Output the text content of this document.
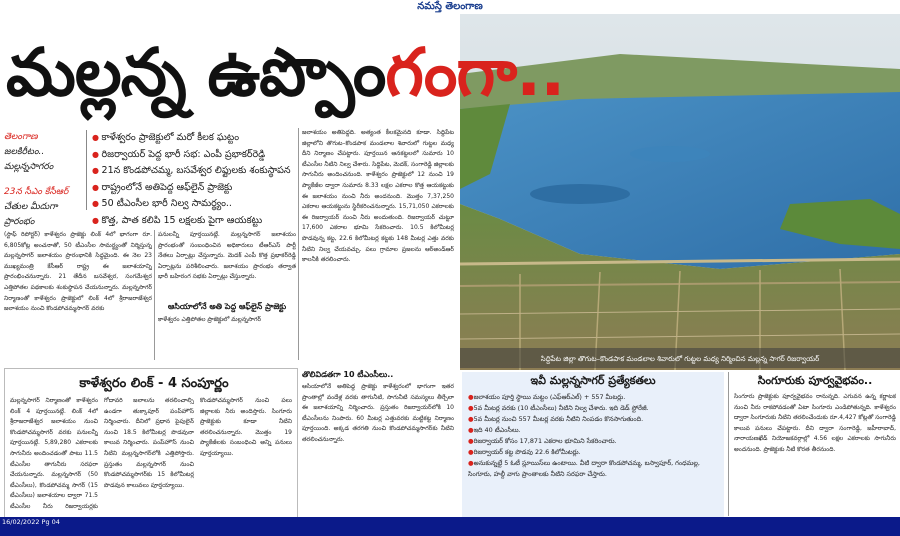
నమస్తే తెలంగాణ
సిద్దిపేట జిల్లా తొగుట–కొండపాక మండలాల శివారులో గుట్టల మధ్య నిర్మించిన మల్లన్న సాగర్ రిజర్వాయర్
మల్లన్న ఉప్పొంగంగా..
తెలంగాణ
జలకిరీటం.. మల్లన్నసాగరం
23న సీఎం కేసీఆర్
చేతుల మీదుగా ప్రారంభం
● కాళేశ్వరం ప్రాజెక్టులో మరో కీలక ఘట్టం
● రిజర్వాయర్ పెద్ద భారీ సభ: ఎంపీ ప్రభాకర్‌రెడ్డి
● 21న కొండపోచమ్మ, బసవేశ్వర లిఫ్టులకు శంకుస్థాపన
● రాష్ట్రంలోనే అతిపెద్ద ఆఫ్‌లైన్ ప్రాజెక్టు
● 50 టీఎంసీల భారీ నిల్వ సామర్థ్యం..
● కొత్త, పాత కలిపి 15 లక్షలకు పైగా ఆయకట్టు
(స్టాఫ్ రిపోర్టర్) కాళేశ్వరం ప్రాజెక్టు లింక్ 4లో భాగంగా రూ. 6,805కోట్ల అంచనాతో, 50 టీఎంసీల సామర్థ్యంతో నిర్మిస్తున్న మల్లన్నసాగర్ జలాశయం ప్రారంభానికి సిద్ధమైంది. ఈ నెల 23 ముఖ్యమంత్రి కేసీఆర్ రాష్ట్ర ఈ జలాశయాన్ని ప్రారంభించనున్నారు. 21 తేదీన బసవేశ్వర, సంగమేశ్వర ఎత్తిపోతల పథకాలకు శంకుస్థాపన చేయనున్నారు. మల్లన్నసాగర్ నిర్మాణంతో కాళేశ్వరం ప్రాజెక్టులో లింక్ 4లో శ్రీరాజరాజేశ్వర జలాశయం నుంచి కొండపోచమ్మసాగర్ వరకు
పనులన్నీ పూర్తయినట్లే. మల్లన్నసాగర్ జలాశయం ప్రారంభంతో సంబంధించిన అధికారులు టీఆర్ఎస్ పార్టీ నేతలు ఏర్పాట్లు చేస్తున్నారు. మెదక్ ఎంపీ కొత్త ప్రభాకర్‌రెడ్డి ఏర్పాట్లను పరిశీలించారు. జలాశయం ప్రారంభం తర్వాత భారీ బహిరంగ సభకు ఏర్పాట్లు చేస్తున్నారు.
ఆసియాలోనే అతి పెద్ద ఆఫ్‌లైన్ ప్రాజెక్టు
కాళేశ్వరం ఎత్తిపోతల ప్రాజెక్టులో మల్లన్నసాగర్
జలాశయం అతిపెద్దది. అత్యంత కీలకమైనది కూడా. సిద్దిపేట జిల్లాలోని తొగుట–కొండపాక మండలాల శివారులో గుట్టల మధ్య దీని నిర్మాణం చేపట్టారు. పూర్తయిన ఆనకట్టలలో సుమారు 10 టీఎంసీల నీటిని నిల్వ చేశారు. సిద్దిపేట, మెదక్, సంగారెడ్డి జిల్లాలకు సాగునీరు అందించనుంది. కాళేశ్వరం ప్రాజెక్టులో 12 నుంచి 19 ప్యాకేజీల ద్వారా సుమారు 8.33 లక్షల ఎకరాల కొత్త ఆయకట్టుకు ఈ జలాశయం నుంచి నీరు అందనుంది. మొత్తం 7,37,250 ఎకరాల ఆయకట్టును స్థిరీకరించనున్నారు. 15,71,050 ఎకరాలకు ఈ రిజర్వాయర్ నుంచి నీరు అందుతుంది. రిజర్వాయర్ చుట్టూ 17,600 ఎకరాల భూమి సేకరించారు. 10.5 కిలోమీటర్ల పొడవున్న కట్ట, 22.6 కిలోమీటర్ల కట్టకు 148 మీటర్ల ఎత్తు వరకు నీటిని నిల్వ చేయవచ్చు. పలు గ్రామాల ప్రజలను ఆర్‌అండ్‌ఆర్ కాలనీకి తరలించారు.
తొలివిడతగా 10 టీఎంసీలు..
ఆసియాలోనే అతిపెద్ద ప్రాజెక్టు కాళేశ్వరంలో భాగంగా ఇతర ప్రాంతాల్లో వందేళ్ల వరకు తాగునీటి, సాగునీటి సమస్యలు తీర్చేలా ఈ జలాశయాన్ని నిర్మించారు. ప్రస్తుతం రిజర్వాయర్‌లోకి 10 టీఎంసీలను నింపారు. 60 మీటర్ల ఎత్తువరకు మట్టికట్ట నిర్మాణం పూర్తయింది. అక్కడ తరగతి నుంచి కొండపోచమ్మసాగర్‌కు నీటిని తరలించనున్నారు.
కాళేశ్వరం లింక్ - 4 సంపూర్ణం
మల్లన్నసాగర్ నిర్మాణంతో కాళేశ్వరం లింక్ 4 పూర్తయినట్లే. లింక్ 4లో శ్రీరాజరాజేశ్వర జలాశయం నుంచి కొండపోచమ్మసాగర్ వరకు పనులన్నీ పూర్తయినట్లే. 5,89,280 ఎకరాలకు సాగునీరు అందించడంతో పాటు 11.5 టీఎంసీల తాగునీరు సరఫరా చేయనున్నారు. మల్లన్నసాగర్ (50 టీఎంసీలు), కొండపోచమ్మ సాగర్ (15 టీఎంసీలు) జలాశయాల ద్వారా 71.5 టీఎంసీల నీరు రిజర్వాయర్లకు
గోదావరి జలాలను తరలించాల్సి ఉండగా తుక్కాపూర్ పంప్‌హౌస్ నిర్మించారు. దీనిలో ప్రధాన పైపులైన్‌ నుంచి 18.5 కిలోమీటర్ల పొడవునా కాలువ నిర్మించారు. పంప్‌హౌస్ నుంచి నీటిని మల్లన్నసాగర్‌లోకి ఎత్తిపోస్తారు. ప్రస్తుతం మల్లన్నసాగర్ నుంచి కొండపోచమ్మసాగర్‌కు 15 కిలోమీటర్ల పొడవున కాలువలు పూర్తయ్యాయి.
కొండపోచమ్మసాగర్ నుంచి పలు జిల్లాలకు నీరు అందిస్తారు. సింగూరు ప్రాజెక్టుకు కూడా నీటిని తరలించనున్నారు. మొత్తం 19 ప్యాకేజీలకు సంబంధించి అన్ని పనులు పూర్తయ్యాయి.
ఇవీ మల్లన్నసాగర్ ప్రత్యేకతలు
● జలాశయం పూర్తి స్థాయి మట్టం (ఎఫ్‌ఆర్‌ఎల్) + 557 మీటర్లు.
● 5వ మీటర్ల వరకు (10 టీఎంసీలు) నీటిని నిల్వ చేశారు. ఇది డెడ్ స్టోరేజీ.
● 5వ మీటర్ల నుంచి 557 మీటర్ల వరకు నీటిని నింపడం కొనసాగుతుంది.
● ఇది 40 టీఎంసీలు.
● రిజర్వాయర్ కోసం 17,871 ఎకరాల భూమిని సేకరించారు.
● రిజర్వాయర్ కట్ట పొడవు 22.6 కిలోమీటర్లు.
● అనుకున్నట్టే 5 ఓటీ స్లూయిస్‌లు ఉంటాయి. వీటి ద్వారా కొండపోచమ్మ, బస్వాపూర్, గంధమల్ల, సింగూరు, హల్దీ వాగు ప్రాంతాలకు నీటిని సరఫరా చేస్తారు.
సింగూరుకు పూర్వవైభవం..
సింగూరు ప్రాజెక్టుకు పూర్వవైభవం రానున్నది. ఎగువన ఉన్న కర్ణాటక నుంచి నీరు రాకపోవడంతో ఏటా సింగూరు ఎండిపోతున్నది. కాళేశ్వరం ద్వారా సింగూరుకు నీటిని తరలించేందుకు రూ.4,427 కోట్లతో సంగారెడ్డి కాలువ పనులు చేపట్టారు. దీని ద్వారా సంగారెడ్డి, జహీరాబాద్, నారాయణఖేడ్ నియోజకవర్గాల్లో 4.56 లక్షల ఎకరాలకు సాగునీరు అందనుంది. ప్రాజెక్టుకు నీటి కొరత తీరనుంది.
16/02/2022 Pg 04
